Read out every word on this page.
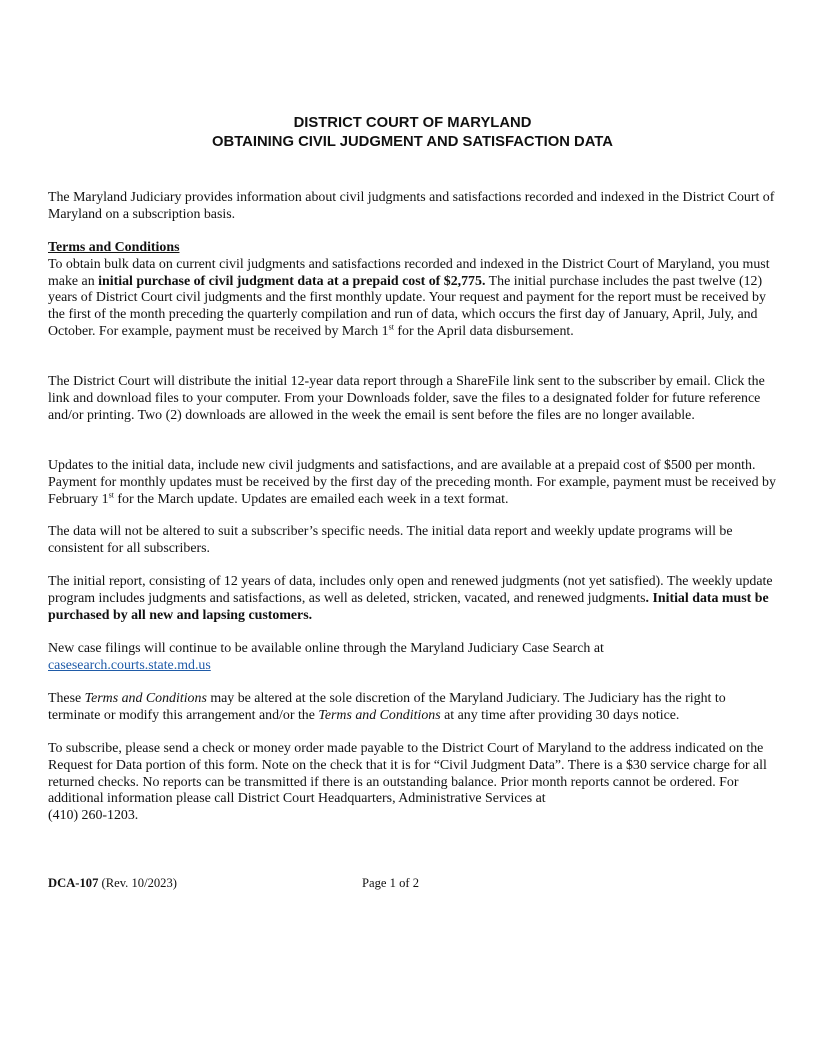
DISTRICT COURT OF MARYLAND
OBTAINING CIVIL JUDGMENT AND SATISFACTION DATA

The Maryland Judiciary provides information about civil judgments and satisfactions recorded and indexed in the District Court of Maryland on a subscription basis.

Terms and Conditions
To obtain bulk data on current civil judgments and satisfactions recorded and indexed in the District Court of Maryland, you must make an initial purchase of civil judgment data at a prepaid cost of $2,775. The initial purchase includes the past twelve (12) years of District Court civil judgments and the first monthly update. Your request and payment for the report must be received by the first of the month preceding the quarterly compilation and run of data, which occurs the first day of January, April, July, and October. For example, payment must be received by March 1st for the April data disbursement.

The District Court will distribute the initial 12-year data report through a ShareFile link sent to the subscriber by email. Click the link and download files to your computer. From your Downloads folder, save the files to a designated folder for future reference and/or printing. Two (2) downloads are allowed in the week the email is sent before the files are no longer available.

Updates to the initial data, include new civil judgments and satisfactions, and are available at a prepaid cost of $500 per month. Payment for monthly updates must be received by the first day of the preceding month. For example, payment must be received by February 1st for the March update. Updates are emailed each week in a text format.

The data will not be altered to suit a subscriber’s specific needs. The initial data report and weekly update programs will be consistent for all subscribers.

The initial report, consisting of 12 years of data, includes only open and renewed judgments (not yet satisfied). The weekly update program includes judgments and satisfactions, as well as deleted, stricken, vacated, and renewed judgments. Initial data must be purchased by all new and lapsing customers.

New case filings will continue to be available online through the Maryland Judiciary Case Search at
casesearch.courts.state.md.us

These Terms and Conditions may be altered at the sole discretion of the Maryland Judiciary. The Judiciary has the right to terminate or modify this arrangement and/or the Terms and Conditions at any time after providing 30 days notice.

To subscribe, please send a check or money order made payable to the District Court of Maryland to the address indicated on the Request for Data portion of this form. Note on the check that it is for “Civil Judgment Data”. There is a $30 service charge for all returned checks. No reports can be transmitted if there is an outstanding balance. Prior month reports cannot be ordered. For additional information please call District Court Headquarters, Administrative Services at
(410) 260-1203.

DCA-107 (Rev. 10/2023)	Page 1 of 2
